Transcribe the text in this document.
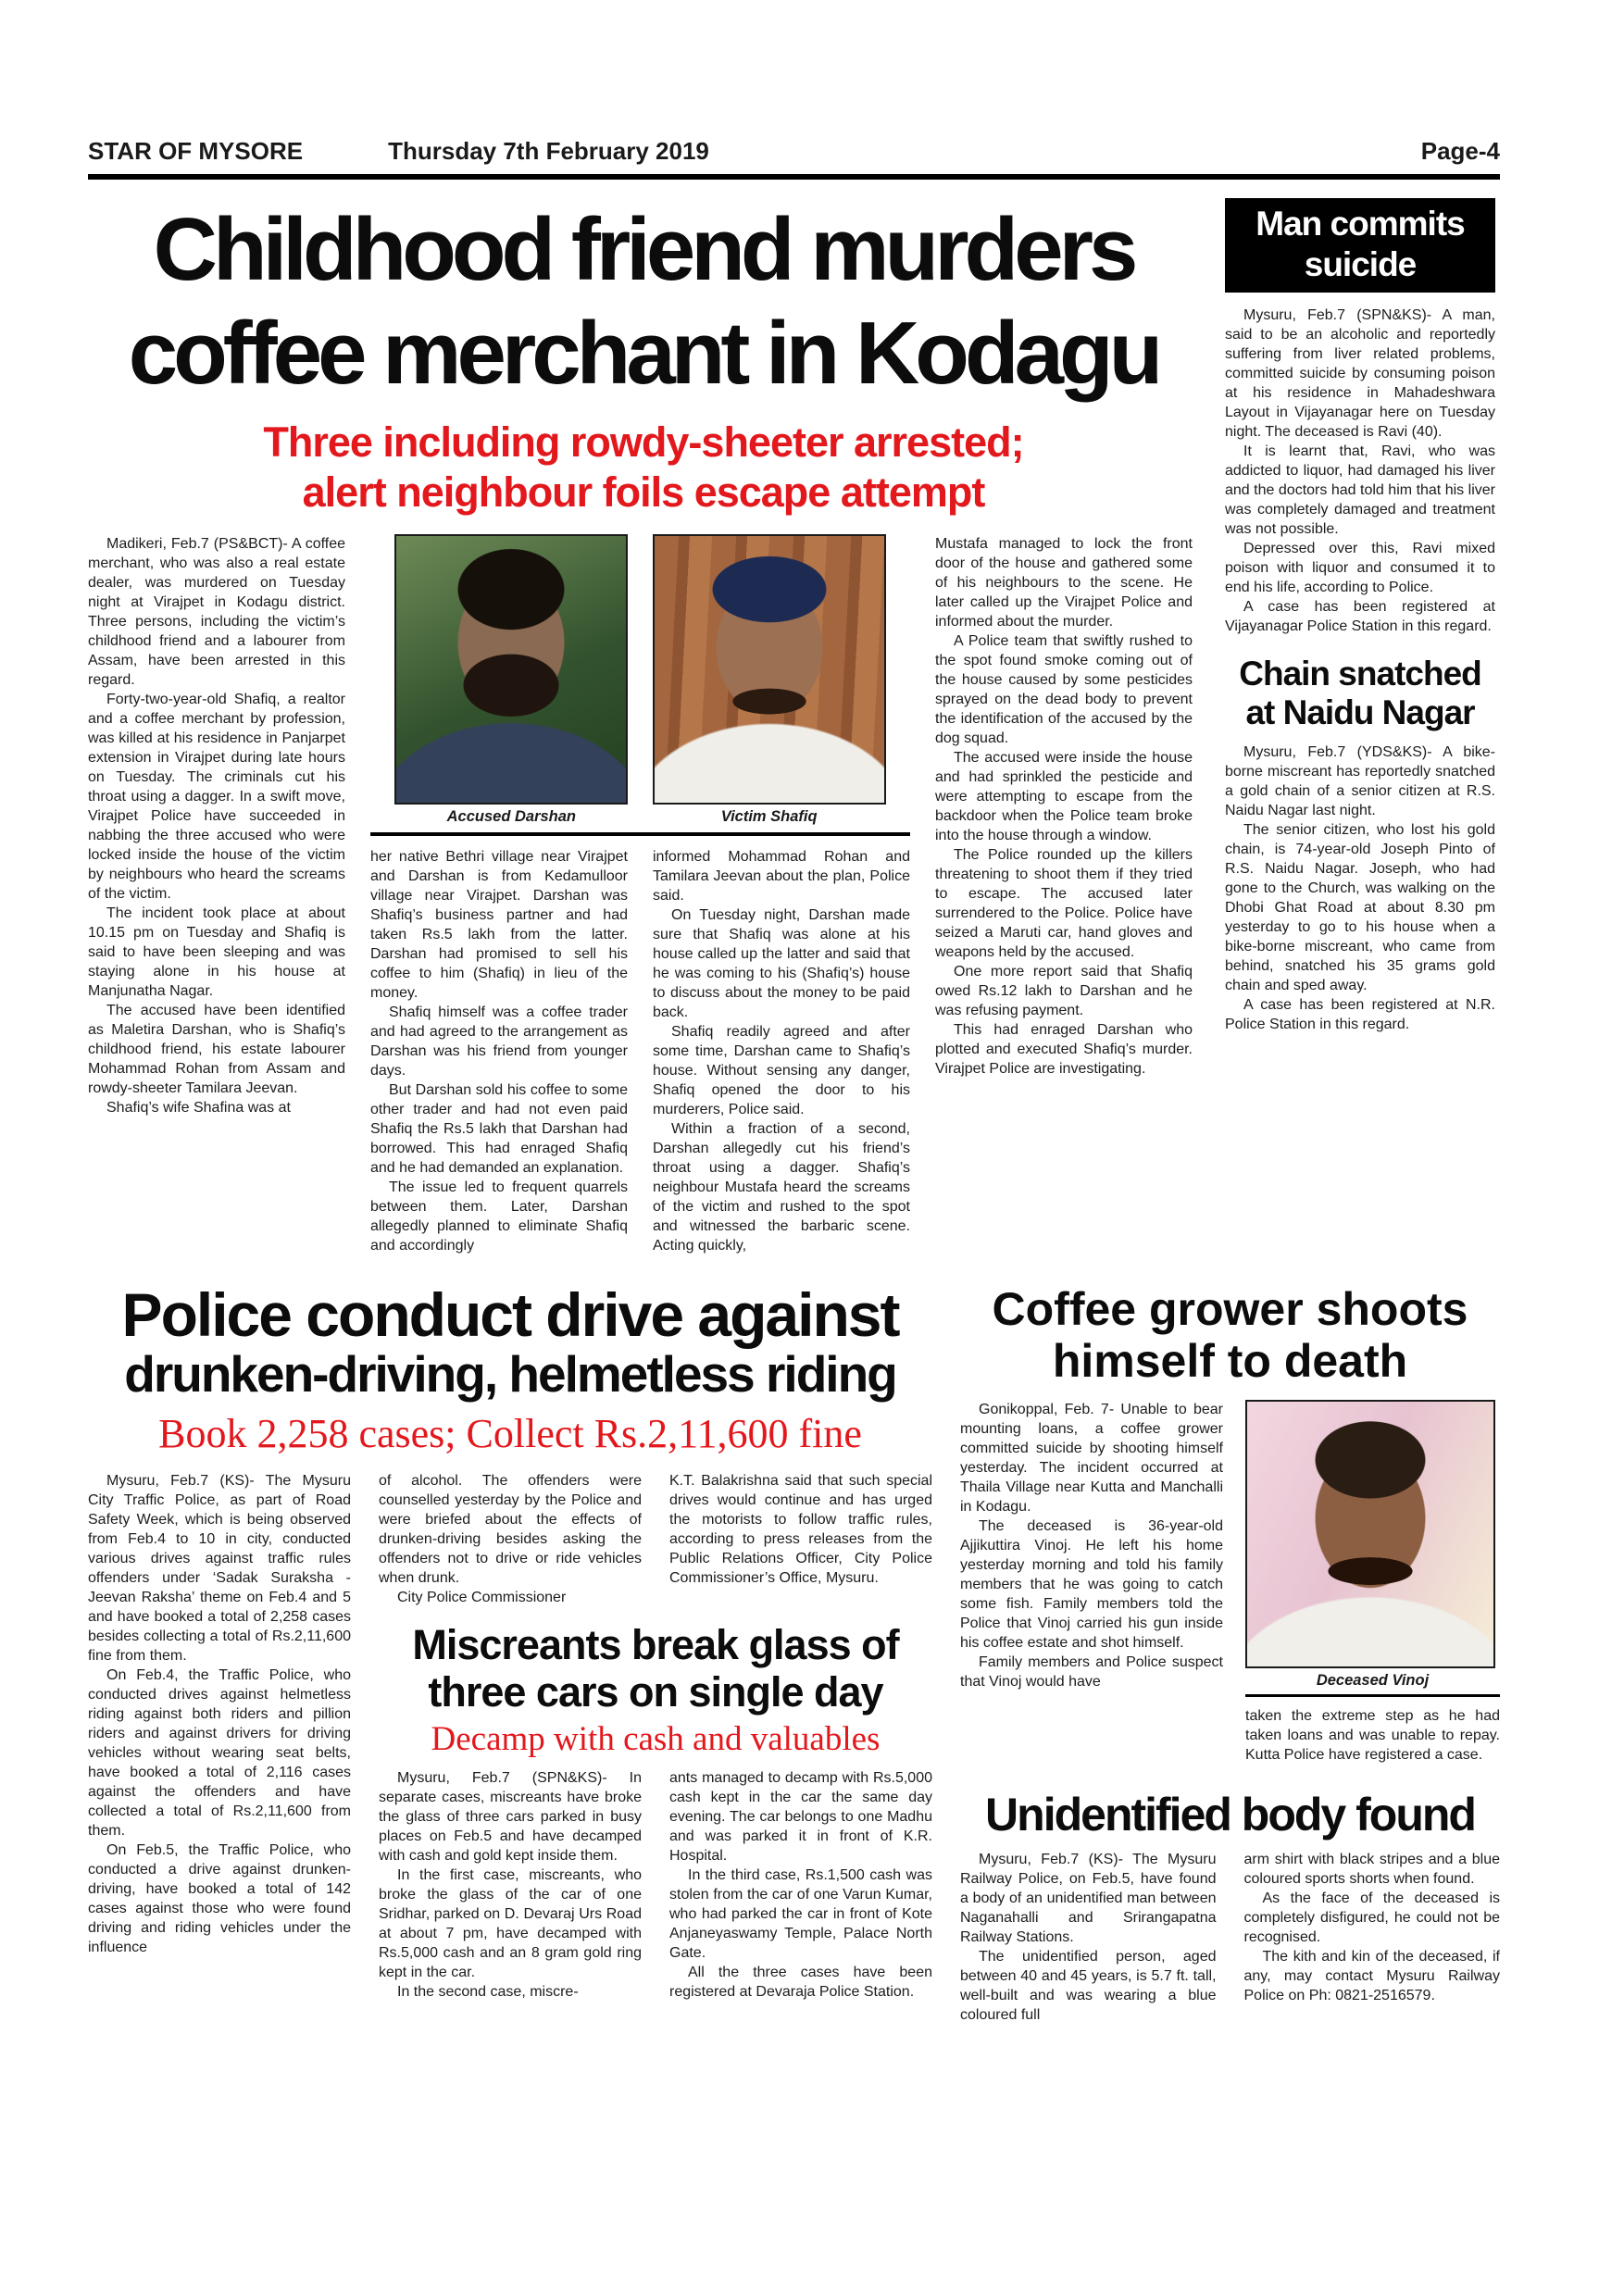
STAR OF MYSORE	Thursday 7th February 2019	Page-4
Childhood friend murders
coffee merchant in Kodagu
Three including rowdy-sheeter arrested;
alert neighbour foils escape attempt

Madikeri, Feb.7 (PS&BCT)- A coffee merchant, who was also a real estate dealer, was murdered on Tuesday night at Virajpet in Kodagu district. Three persons, including the victim’s childhood friend and a labourer from Assam, have been arrested in this regard.

Forty-two-year-old Shafiq, a realtor and a coffee merchant by profession, was killed at his residence in Panjarpet extension in Virajpet during late hours on Tuesday. The criminals cut his throat using a dagger. In a swift move, Virajpet Police have succeeded in nabbing the three accused who were locked inside the house of the victim by neighbours who heard the screams of the victim.

The incident took place at about 10.15 pm on Tuesday and Shafiq is said to have been sleeping and was staying alone in his house at Manjunatha Nagar.

The accused have been identified as Maletira Darshan, who is Shafiq’s childhood friend, his estate labourer Mohammad Rohan from Assam and rowdy-sheeter Tamilara Jeevan.

Shafiq’s wife Shafina was at

Accused Darshan	Victim Shafiq

her native Bethri village near Virajpet and Darshan is from Kedamulloor village near Virajpet. Darshan was Shafiq’s business partner and had taken Rs.5 lakh from the latter. Darshan had promised to sell his coffee to him (Shafiq) in lieu of the money.

Shafiq himself was a coffee trader and had agreed to the arrangement as Darshan was his friend from younger days.

But Darshan sold his coffee to some other trader and had not even paid Shafiq the Rs.5 lakh that Darshan had borrowed. This had enraged Shafiq and he had demanded an explanation.

The issue led to frequent quarrels between them. Later, Darshan allegedly planned to eliminate Shafiq and accordingly

informed Mohammad Rohan and Tamilara Jeevan about the plan, Police said.

On Tuesday night, Darshan made sure that Shafiq was alone at his house called up the latter and said that he was coming to his (Shafiq’s) house to discuss about the money to be paid back.

Shafiq readily agreed and after some time, Darshan came to Shafiq’s house. Without sensing any danger, Shafiq opened the door to his murderers, Police said.

Within a fraction of a second, Darshan allegedly cut his friend’s throat using a dagger. Shafiq’s neighbour Mustafa heard the screams of the victim and rushed to the spot and witnessed the barbaric scene. Acting quickly,

Mustafa managed to lock the front door of the house and gathered some of his neighbours to the scene. He later called up the Virajpet Police and informed about the murder.

A Police team that swiftly rushed to the spot found smoke coming out of the house caused by some pesticides sprayed on the dead body to prevent the identification of the accused by the dog squad.

The accused were inside the house and had sprinkled the pesticide and were attempting to escape from the backdoor when the Police team broke into the house through a window.

The Police rounded up the killers threatening to shoot them if they tried to escape. The accused later surrendered to the Police. Police have seized a Maruti car, hand gloves and weapons held by the accused.

One more report said that Shafiq owed Rs.12 lakh to Darshan and he was refusing payment.

This had enraged Darshan who plotted and executed Shafiq’s murder. Virajpet Police are investigating.

Man commits
suicide

Mysuru, Feb.7 (SPN&KS)- A man, said to be an alcoholic and reportedly suffering from liver related problems, committed suicide by consuming poison at his residence in Mahadeshwara Layout in Vijayanagar here on Tuesday night. The deceased is Ravi (40).

It is learnt that, Ravi, who was addicted to liquor, had damaged his liver and the doctors had told him that his liver was completely damaged and treatment was not possible.

Depressed over this, Ravi mixed poison with liquor and consumed it to end his life, according to Police.

A case has been registered at Vijayanagar Police Station in this regard.

Chain snatched
at Naidu Nagar

Mysuru, Feb.7 (YDS&KS)- A bike-borne miscreant has reportedly snatched a gold chain of a senior citizen at R.S. Naidu Nagar last night.

The senior citizen, who lost his gold chain, is 74-year-old Joseph Pinto of R.S. Naidu Nagar. Joseph, who had gone to the Church, was walking on the Dhobi Ghat Road at about 8.30 pm yesterday to go to his house when a bike-borne miscreant, who came from behind, snatched his 35 grams gold chain and sped away.

A case has been registered at N.R. Police Station in this regard.

Police conduct drive against
drunken-driving, helmetless riding
Book 2,258 cases; Collect Rs.2,11,600 fine

Mysuru, Feb.7 (KS)- The Mysuru City Traffic Police, as part of Road Safety Week, which is being observed from Feb.4 to 10 in city, conducted various drives against traffic rules offenders under ‘Sadak Suraksha - Jeevan Raksha’ theme on Feb.4 and 5 and have booked a total of 2,258 cases besides collecting a total of Rs.2,11,600 fine from them.

On Feb.4, the Traffic Police, who conducted drives against helmetless riding against both riders and pillion riders and against drivers for driving vehicles without wearing seat belts, have booked a total of 2,116 cases against the offenders and have collected a total of Rs.2,11,600 from them.

On Feb.5, the Traffic Police, who conducted a drive against drunken-driving, have booked a total of 142 cases against those who were found driving and riding vehicles under the influence

of alcohol. The offenders were counselled yesterday by the Police and were briefed about the effects of drunken-driving besides asking the offenders not to drive or ride vehicles when drunk.

City Police Commissioner

K.T. Balakrishna said that such special drives would continue and has urged the motorists to follow traffic rules, according to press releases from the Public Relations Officer, City Police Commissioner’s Office, Mysuru.

Miscreants break glass of
three cars on single day
Decamp with cash and valuables

Mysuru, Feb.7 (SPN&KS)- In separate cases, miscreants have broke the glass of three cars parked in busy places on Feb.5 and have decamped with cash and gold kept inside them.

In the first case, miscreants, who broke the glass of the car of one Sridhar, parked on D. Devaraj Urs Road at about 7 pm, have decamped with Rs.5,000 cash and an 8 gram gold ring kept in the car.

In the second case, miscre-

ants managed to decamp with Rs.5,000 cash kept in the car the same day evening. The car belongs to one Madhu and was parked it in front of K.R. Hospital.

In the third case, Rs.1,500 cash was stolen from the car of one Varun Kumar, who had parked the car in front of Kote Anjaneyaswamy Temple, Palace North Gate.

All the three cases have been registered at Devaraja Police Station.

Coffee grower shoots
himself to death

Gonikoppal, Feb. 7- Unable to bear mounting loans, a coffee grower committed suicide by shooting himself yesterday. The incident occurred at Thaila Village near Kutta and Manchalli in Kodagu.

The deceased is 36-year-old Ajjikuttira Vinoj. He left his home yesterday morning and told his family members that he was going to catch some fish. Family members told the Police that Vinoj carried his gun inside his coffee estate and shot himself.

Family members and Police suspect that Vinoj would have	Deceased Vinoj

taken the extreme step as he had taken loans and was unable to repay. Kutta Police have registered a case.

Unidentified body found

Mysuru, Feb.7 (KS)- The Mysuru Railway Police, on Feb.5, have found a body of an unidentified man between Naganahalli and Srirangapatna Railway Stations.

The unidentified person, aged between 40 and 45 years, is 5.7 ft. tall, well-built and was wearing a blue coloured full

arm shirt with black stripes and a blue coloured sports shorts when found.

As the face of the deceased is completely disfigured, he could not be recognised.

The kith and kin of the deceased, if any, may contact Mysuru Railway Police on Ph: 0821-2516579.
